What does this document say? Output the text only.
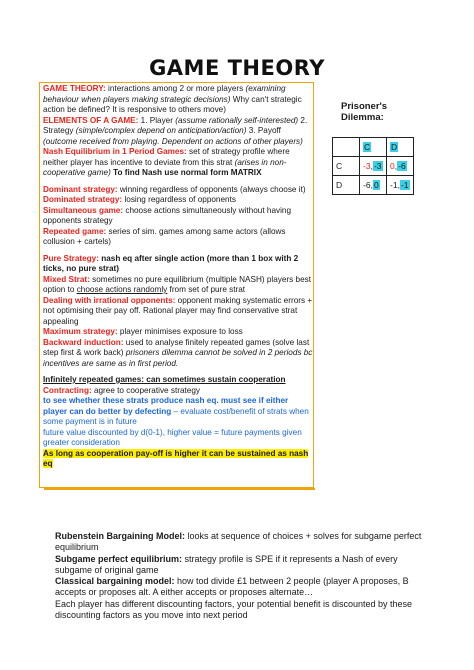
GAME THEORY

GAME THEORY: interactions among 2 or more players (examining behaviour when players making strategic decisions) Why can't strategic action be defined? It is responsive to others move)

ELEMENTS OF A GAME: 1. Player (assume rationally self-interested) 2. Strategy (simple/complex depend on anticipation/action) 3. Payoff (outcome received from playing. Dependent on actions of other players)

Nash Equilibrium in 1 Period Games: set of strategy profile where neither player has incentive to deviate from this strat (arises in non-cooperative game) To find Nash use normal form MATRIX

Dominant strategy: winning regardless of opponents (always choose it)

Dominated strategy: losing regardless of opponents

Simultaneous game: choose actions simultaneously without having opponents strategy

Repeated game: series of sim. games among same actors (allows collusion + cartels)

Pure Strategy: nash eq after single action (more than 1 box with 2 ticks, no pure strat)

Mixed Strat: sometimes no pure equilibrium (multiple NASH) players best option to choose actions randomly from set of pure strat

Dealing with irrational opponents: opponent making systematic errors + not optimising their pay off. Rational player may find conservative strat appealing

Maximum strategy: player minimises exposure to loss

Backward induction: used to analyse finitely repeated games (solve last step first & work back) prisoners dilemma cannot be solved in 2 periods bc incentives are same as in first period.

Infinitely repeated games: can sometimes sustain cooperation

Contracting: agree to cooperative strategy

to see whether these strats produce nash eq. must see if either player can do better by defecting – evaluate cost/benefit of strats when some payment is in future

future value discounted by d(0-1), higher value = future payments given greater consideration

As long as cooperation pay-off is higher it can be sustained as nash eq

Prisoner's Dilemma:
	C	D
C	-3,-3	0,-6
D	-6,0	-1,-1

Rubenstein Bargaining Model: looks at sequence of choices + solves for subgame perfect equilibrium

Subgame perfect equilibrium: strategy profile is SPE if it represents a Nash of every subgame of original game

Classical bargaining model: how tod divide £1 between 2 people (player A proposes, B accepts or proposes alt. A either accepts or proposes alternate…

Each player has different discounting factors, your potential benefit is discounted by these discounting factors as you move into next period
